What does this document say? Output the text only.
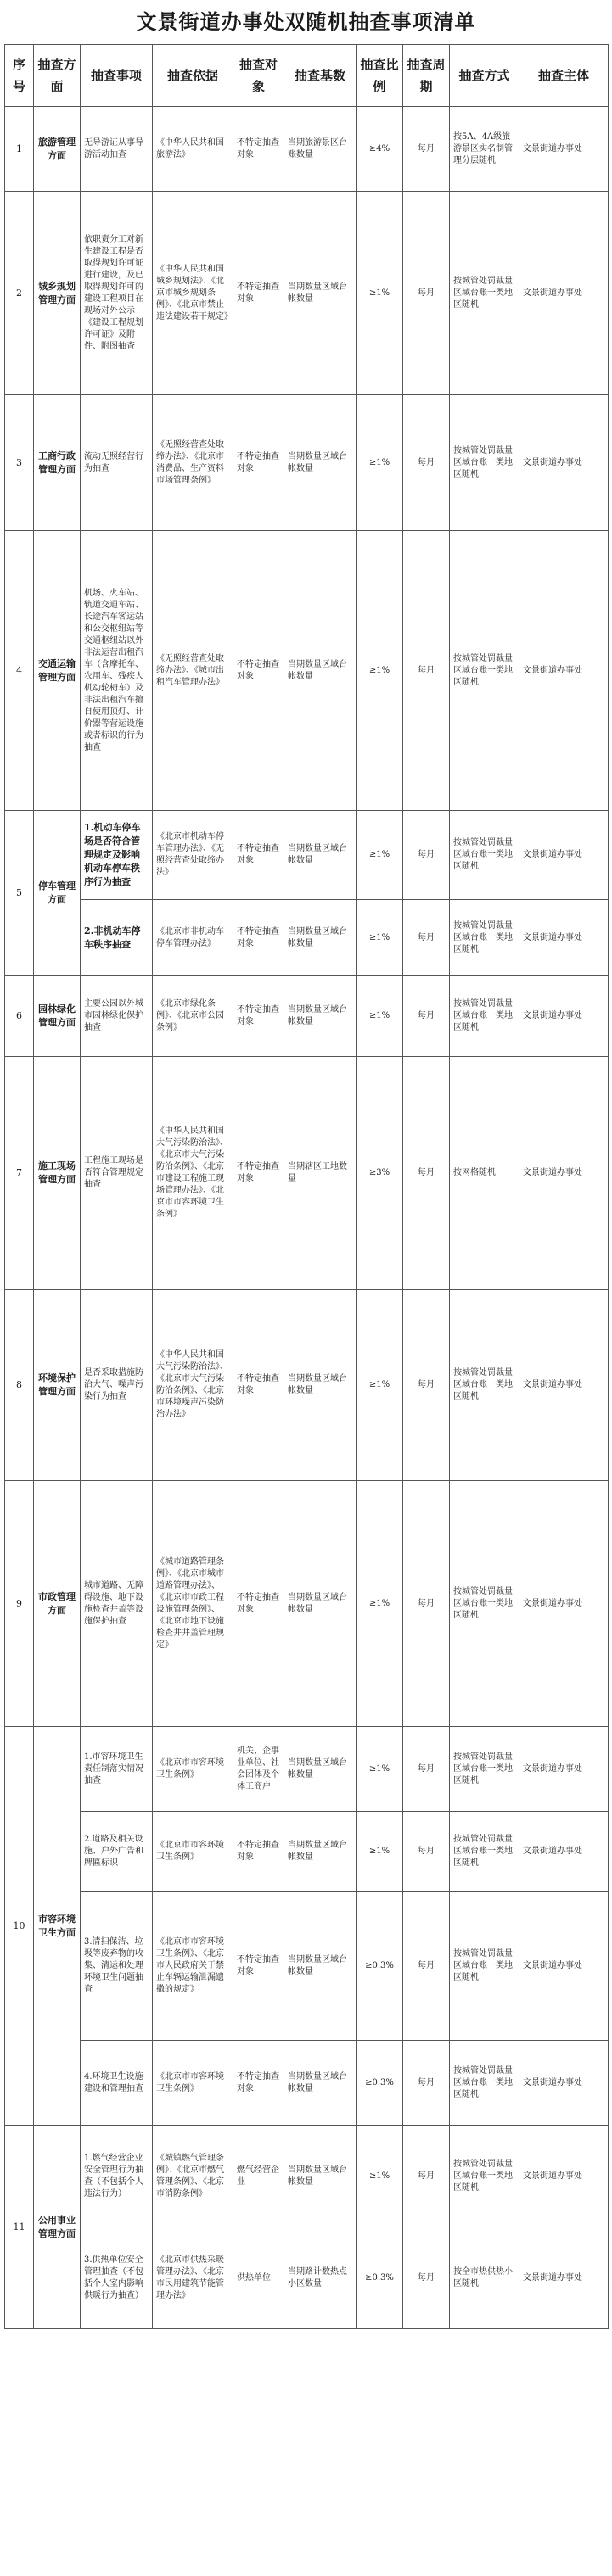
文景街道办事处双随机抽查事项清单
序号	抽查方面	抽查事项	抽查依据	抽查对象	抽查基数	抽查比例	抽查周期	抽查方式	抽查主体
1	旅游管理方面	无导游证从事导游活动抽查	《中华人民共和国旅游法》	不特定抽查对象	当期旅游景区台账数量	≥4%	每月	按5A、4A级旅游景区实名制管理分层随机	文景街道办事处
2	城乡规划管理方面	依职责分工对新生建设工程是否取得规划许可证进行建设，及已取得规划许可的建设工程项目在现场对外公示《建设工程规划许可证》及附件、附图抽查	《中华人民共和国城乡规划法》、《北京市城乡规划条例》、《北京市禁止违法建设若干规定》	不特定抽查对象	当期数量区域台帐数量	≥1%	每月	按城管处罚裁量区域台账一类地区随机	文景街道办事处
3	工商行政管理方面	流动无照经营行为抽查	《无照经营查处取缔办法》、《北京市消费品、生产资料市场管理条例》	不特定抽查对象	当期数量区域台帐数量	≥1%	每月	按城管处罚裁量区域台账一类地区随机	文景街道办事处
4	交通运输管理方面	机场、火车站、轨道交通车站、长途汽车客运站和公交枢纽站等交通枢纽站以外非法运营出租汽车（含摩托车、农用车、残疾人机动轮椅车）及非法出租汽车擅自使用顶灯、计价器等营运设施或者标识的行为抽查	《无照经营查处取缔办法》、《城市出租汽车管理办法》	不特定抽查对象	当期数量区域台帐数量	≥1%	每月	按城管处罚裁量区域台账一类地区随机	文景街道办事处
5	停车管理方面	1.机动车停车场是否符合管理规定及影响机动车停车秩序行为抽查	《北京市机动车停车管理办法》、《无照经营查处取缔办法》	不特定抽查对象	当期数量区域台帐数量	≥1%	每月	按城管处罚裁量区域台账一类地区随机	文景街道办事处
		2.非机动车停车秩序抽查	《北京市非机动车停车管理办法》	不特定抽查对象	当期数量区域台帐数量	≥1%	每月	按城管处罚裁量区域台账一类地区随机	文景街道办事处
6	园林绿化管理方面	主要公园以外城市园林绿化保护抽查	《北京市绿化条例》、《北京市公园条例》	不特定抽查对象	当期数量区域台帐数量	≥1%	每月	按城管处罚裁量区域台账一类地区随机	文景街道办事处
7	施工现场管理方面	工程施工现场是否符合管理规定抽查	《中华人民共和国大气污染防治法》、《北京市大气污染防治条例》、《北京市建设工程施工现场管理办法》、《北京市市容环境卫生条例》	不特定抽查对象	当期辖区工地数量	≥3%	每月	按网格随机	文景街道办事处
8	环境保护管理方面	是否采取措施防治大气、噪声污染行为抽查	《中华人民共和国大气污染防治法》、《北京市大气污染防治条例》、《北京市环境噪声污染防治办法》	不特定抽查对象	当期数量区域台帐数量	≥1%	每月	按城管处罚裁量区域台账一类地区随机	文景街道办事处
9	市政管理方面	城市道路、无障碍设施、地下设施检查井盖等设施保护抽查	《城市道路管理条例》、《北京市城市道路管理办法》、《北京市市政工程设施管理条例》、《北京市地下设施检查井井盖管理规定》	不特定抽查对象	当期数量区域台帐数量	≥1%	每月	按城管处罚裁量区域台账一类地区随机	文景街道办事处
10	市容环境卫生方面	1.市容环境卫生责任制落实情况抽查	《北京市市容环境卫生条例》	机关、企事业单位、社会团体及个体工商户	当期数量区域台帐数量	≥1%	每月	按城管处罚裁量区域台账一类地区随机	文景街道办事处
		2.道路及相关设施、户外广告和牌匾标识	《北京市市容环境卫生条例》	不特定抽查对象	当期数量区域台帐数量	≥1%	每月	按城管处罚裁量区域台账一类地区随机	文景街道办事处
		3.清扫保洁、垃圾等废弃物的收集、清运和处理环境卫生问题抽查	《北京市市容环境卫生条例》、《北京市人民政府关于禁止车辆运输泄漏遗撒的规定》	不特定抽查对象	当期数量区域台帐数量	≥0.3%	每月	按城管处罚裁量区域台账一类地区随机	文景街道办事处
		4.环境卫生设施建设和管理抽查	《北京市市容环境卫生条例》	不特定抽查对象	当期数量区域台帐数量	≥0.3%	每月	按城管处罚裁量区域台账一类地区随机	文景街道办事处
11	公用事业管理方面	1.燃气经营企业安全管理行为抽查（不包括个人违法行为）	《城镇燃气管理条例》、《北京市燃气管理条例》、《北京市消防条例》	燃气经营企业	当期数量区域台帐数量	≥1%	每月	按城管处罚裁量区域台账一类地区随机	文景街道办事处
		3.供热单位安全管理抽查（不包括个人室内影响供暖行为抽查）	《北京市供热采暖管理办法》、《北京市民用建筑节能管理办法》	供热单位	当期路计数热点小区数量	≥0.3%	每月	按全市热供热小区随机	文景街道办事处
